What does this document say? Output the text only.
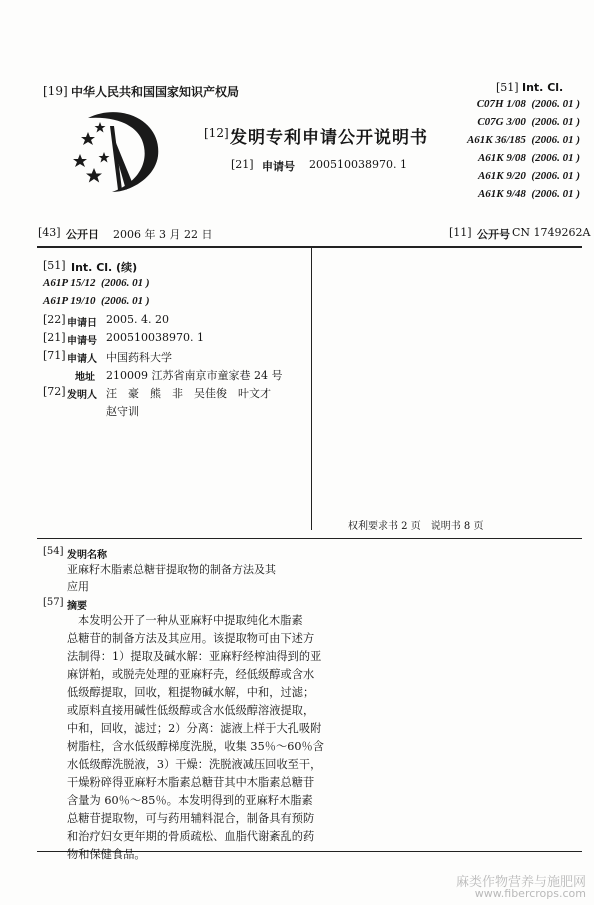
[19] 中华人民共和国国家知识产权局
[12] 发明专利申请公开说明书
[21] 申请号 200510038970. 1
[51] Int. Cl.
C07H 1/08 (2006. 01 )
C07G 3/00 (2006. 01 )
A61K 36/185 (2006. 01 )
A61K 9/08 (2006. 01 )
A61K 9/20 (2006. 01 )
A61K 9/48 (2006. 01 )
[43] 公开日 2006 年 3 月 22 日	[11] 公开号 CN 1749262A
[51] Int. Cl. (续)
A61P 15/12 (2006. 01 )
A61P 19/10 (2006. 01 )
[22] 申请日 2005. 4. 20
[21] 申请号 200510038970. 1
[71] 申请人 中国药科大学
地址 210009 江苏省南京市童家巷 24 号
[72] 发明人 汪　豪　熊　非　吴佳俊　叶文才
赵守训
权利要求书 2 页　说明书 8 页
[54] 发明名称
亚麻籽木脂素总糖苷提取物的制备方法及其
应用
[57] 摘要
本发明公开了一种从亚麻籽中提取纯化木脂素
总糖苷的制备方法及其应用。该提取物可由下述方
法制得：1）提取及碱水解：亚麻籽经榨油得到的亚
麻饼粕，或脱壳处理的亚麻籽壳，经低级醇或含水
低级醇提取，回收，粗提物碱水解，中和，过滤；
或原料直接用碱性低级醇或含水低级醇溶液提取，
中和，回收，滤过；2）分离：滤液上样于大孔吸附
树脂柱，含水低级醇梯度洗脱，收集 35％～60％含
水低级醇洗脱液，3）干燥：洗脱液减压回收至干，
干燥粉碎得亚麻籽木脂素总糖苷其中木脂素总糖苷
含量为 60％～85％。本发明得到的亚麻籽木脂素
总糖苷提取物，可与药用辅料混合，制备具有预防
和治疗妇女更年期的骨质疏松、血脂代谢紊乱的药
物和保健食品。
麻类作物营养与施肥网
www.fibercrops.com
